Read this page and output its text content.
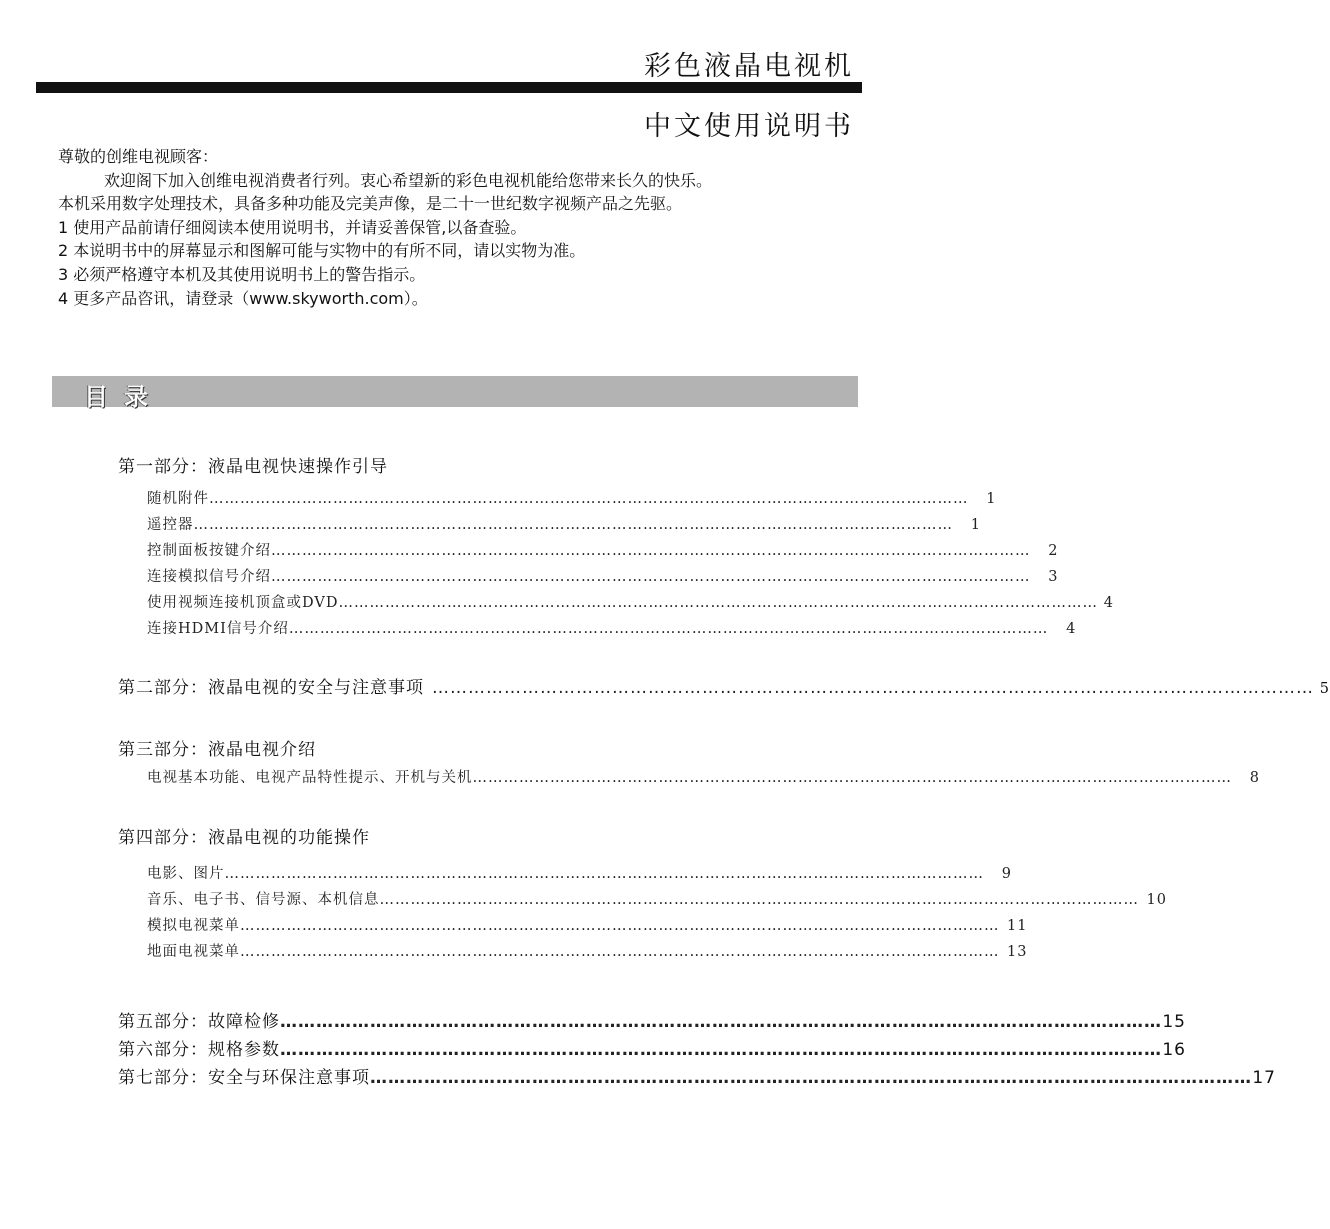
彩色液晶电视机
中文使用说明书

尊敬的创维电视顾客：

欢迎阁下加入创维电视消费者行列。衷心希望新的彩色电视机能给您带来长久的快乐。

本机采用数字处理技术，具备多种功能及完美声像，是二十一世纪数字视频产品之先驱。

1 使用产品前请仔细阅读本使用说明书，并请妥善保管,以备查验。

2 本说明书中的屏幕显示和图解可能与实物中的有所不同，请以实物为准。

3 必须严格遵守本机及其使用说明书上的警告指示。

4 更多产品咨讯，请登录（www.skyworth.com）。

目录
第一部分：液晶电视快速操作引导
随机附件 …………………………………………………………………………………………………………………………………	1
遥控器 …………………………………………………………………………………………………………………………………	1
控制面板按键介绍 …………………………………………………………………………………………………………………………………	2
连接模拟信号介绍 …………………………………………………………………………………………………………………………………	3
使用视频连接机顶盒或DVD ………………………………………………………………………………………………………………………………… 4
连接HDMI信号介绍 …………………………………………………………………………………………………………………………………	4
第二部分：液晶电视的安全与注意事项 ………………………………………………………………………………………………………………………………… 5
第三部分：液晶电视介绍
电视基本功能、电视产品特性提示、开机与关机 …………………………………………………………………………………………………………………………………	8
第四部分：液晶电视的功能操作
电影、图片 …………………………………………………………………………………………………………………………………	9
音乐、电子书、信号源、本机信息 ………………………………………………………………………………………………………………………………… 10
模拟电视菜单 ………………………………………………………………………………………………………………………………… 11
地面电视菜单 ………………………………………………………………………………………………………………………………… 13
第五部分：故障检修 ………………………………………………………………………………………………………………………………… 15
第六部分：规格参数 ………………………………………………………………………………………………………………………………… 16
第七部分：安全与环保注意事项 ………………………………………………………………………………………………………………………………… 17
